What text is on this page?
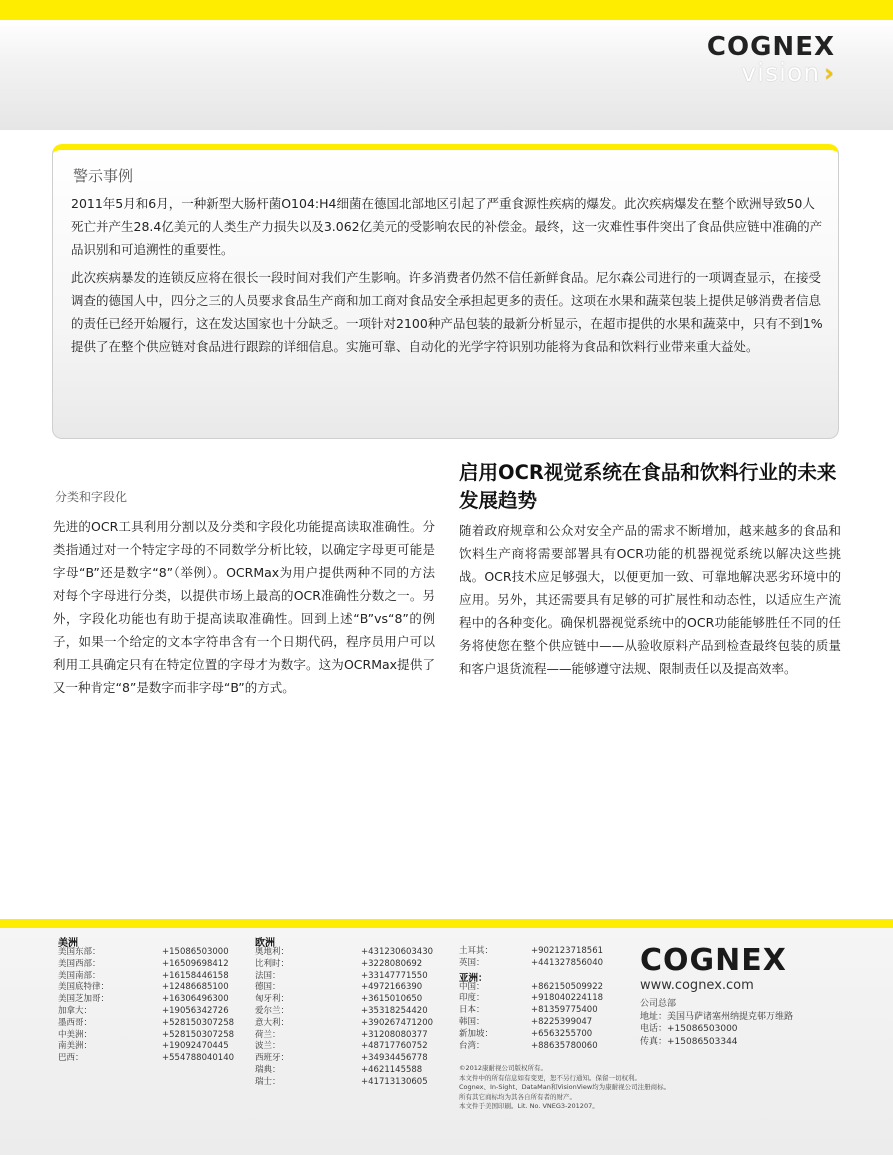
COGNEX
vision ›
警示事例

2011年5月和6月，一种新型大肠杆菌O104:H4细菌在德国北部地区引起了严重食源性疾病的爆发。此次疾病爆发在整个欧洲导致50人死亡并产生28.4亿美元的人类生产力损失以及3.062亿美元的受影响农民的补偿金。最终，这一灾难性事件突出了食品供应链中准确的产品识别和可追溯性的重要性。

此次疾病暴发的连锁反应将在很长一段时间对我们产生影响。许多消费者仍然不信任新鲜食品。尼尔森公司进行的一项调查显示，在接受调查的德国人中，四分之三的人员要求食品生产商和加工商对食品安全承担起更多的责任。这项在水果和蔬菜包装上提供足够消费者信息的责任已经开始履行，这在发达国家也十分缺乏。一项针对2100种产品包装的最新分析显示，在超市提供的水果和蔬菜中，只有不到1%提供了在整个供应链对食品进行跟踪的详细信息。实施可靠、自动化的光学字符识别功能将为食品和饮料行业带来重大益处。

分类和字段化

先进的OCR工具利用分割以及分类和字段化功能提高读取准确性。分类指通过对一个特定字母的不同数学分析比较，以确定字母更可能是字母“B”还是数字“8”（举例）。OCRMax为用户提供两种不同的方法对每个字母进行分类，以提供市场上最高的OCR准确性分数之一。另外，字段化功能也有助于提高读取准确性。回到上述“B”vs“8”的例子，如果一个给定的文本字符串含有一个日期代码，程序员用户可以利用工具确定只有在特定位置的字母才为数字。这为OCRMax提供了又一种肯定“8”是数字而非字母“B”的方式。

启用OCR视觉系统在食品和饮料行业的未来发展趋势

随着政府规章和公众对安全产品的需求不断增加，越来越多的食品和饮料生产商将需要部署具有OCR功能的机器视觉系统以解决这些挑战。OCR技术应足够强大，以便更加一致、可靠地解决恶劣环境中的应用。另外，其还需要具有足够的可扩展性和动态性，以适应生产流程中的各种变化。确保机器视觉系统中的OCR功能能够胜任不同的任务将使您在整个供应链中——从验收原料产品到检查最终包装的质量和客户退货流程——能够遵守法规、限制责任以及提高效率。

美洲
美国东部：	+15086503000
美国西部：	+16509698412
美国南部：	+16158446158
美国底特律：	+12486685100
美国芝加哥：	+16306496300
加拿大：	+19056342726
墨西哥：	+528150307258
中美洲：	+528150307258
南美洲：	+19092470445
巴西：	+554788040140
欧洲
奥地利：	+431230603430
比利时：	+3228080692
法国：	+33147771550
德国：	+4972166390
匈牙利：	+3615010650
爱尔兰：	+35318254420
意大利：	+390267471200
荷兰：	+31208080377
波兰：	+48717760752
西班牙：	+34934456778
瑞典：	+4621145588
瑞士：	+41713130605
土耳其：	+902123718561
英国：	+441327856040
亚洲：
中国：	+862150509922
印度：	+918040224118
日本：	+81359775400
韩国：	+8225399047
新加坡：	+6563255700
台湾：	+88635780060
COGNEX
www.cognex.com
公司总部
地址：美国马萨诸塞州纳提克邨万维路
电话：+15086503000
传真：+15086503344
©2012康耐视公司版权所有。
本文件中的所有信息如有变更，恕不另行通知。保留一切权利。
Cognex、In-Sight、DataMan和VisionView均为康耐视公司注册商标。
所有其它商标均为其各自所有者的财产。
本文件于美国印刷。Lit. No. VNEG3-201207。
